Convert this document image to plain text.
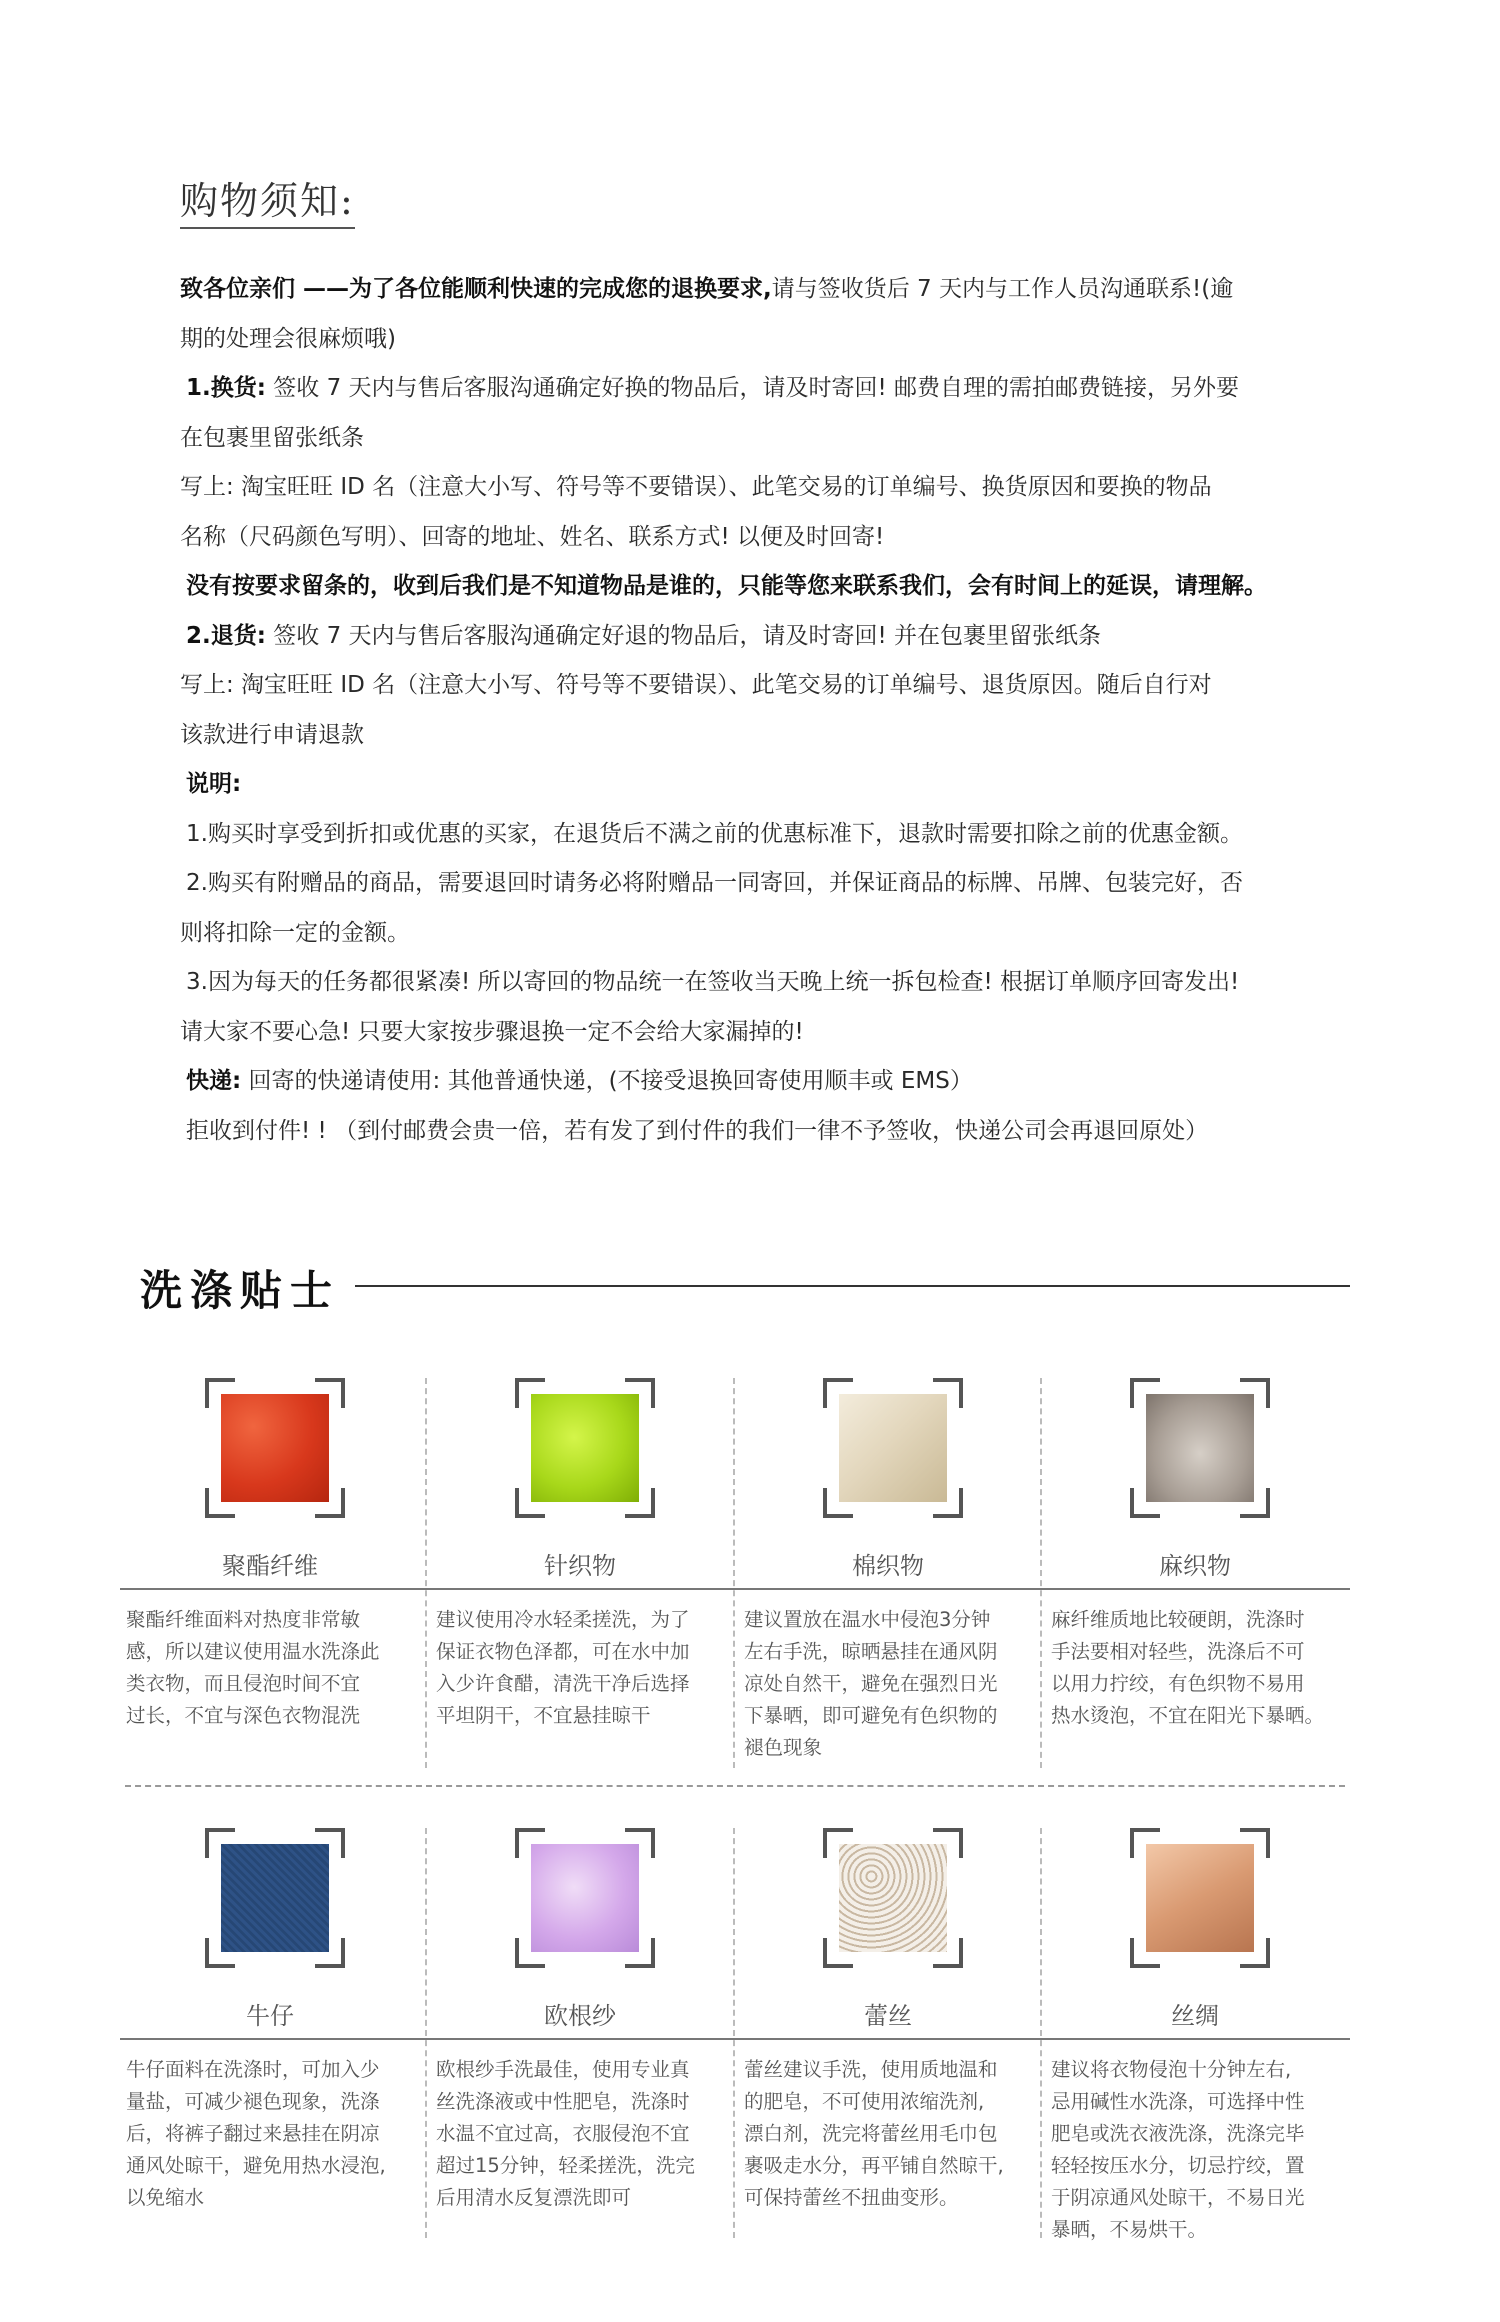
购物须知:
致各位亲们 ——为了各位能顺利快速的完成您的退换要求,请与签收货后 7 天内与工作人员沟通联系!(逾
期的处理会很麻烦哦)
1.换货: 签收 7 天内与售后客服沟通确定好换的物品后，请及时寄回! 邮费自理的需拍邮费链接，另外要
在包裹里留张纸条
写上: 淘宝旺旺 ID 名（注意大小写、符号等不要错误）、此笔交易的订单编号、换货原因和要换的物品
名称（尺码颜色写明）、回寄的地址、姓名、联系方式! 以便及时回寄!
没有按要求留条的，收到后我们是不知道物品是谁的，只能等您来联系我们，会有时间上的延误，请理解。
2.退货: 签收 7 天内与售后客服沟通确定好退的物品后，请及时寄回! 并在包裹里留张纸条
写上: 淘宝旺旺 ID 名（注意大小写、符号等不要错误）、此笔交易的订单编号、退货原因。随后自行对
该款进行申请退款
说明:
1.购买时享受到折扣或优惠的买家，在退货后不满之前的优惠标准下，退款时需要扣除之前的优惠金额。
2.购买有附赠品的商品，需要退回时请务必将附赠品一同寄回，并保证商品的标牌、吊牌、包装完好，否
则将扣除一定的金额。
3.因为每天的任务都很紧凑! 所以寄回的物品统一在签收当天晚上统一拆包检查! 根据订单顺序回寄发出!
请大家不要心急! 只要大家按步骤退换一定不会给大家漏掉的!
快递: 回寄的快递请使用: 其他普通快递，(不接受退换回寄使用顺丰或 EMS）
拒收到付件! ! （到付邮费会贵一倍，若有发了到付件的我们一律不予签收，快递公司会再退回原处）
洗涤贴士
聚酯纤维
聚酯纤维面料对热度非常敏
感，所以建议使用温水洗涤此
类衣物，而且侵泡时间不宜
过长，不宜与深色衣物混洗
针织物
建议使用冷水轻柔搓洗，为了
保证衣物色泽都，可在水中加
入少许食醋，清洗干净后选择
平坦阴干，不宜悬挂晾干
棉织物
建议置放在温水中侵泡3分钟
左右手洗，晾晒悬挂在通风阴
凉处自然干，避免在强烈日光
下暴晒，即可避免有色织物的
褪色现象
麻织物
麻纤维质地比较硬朗，洗涤时
手法要相对轻些，洗涤后不可
以用力拧绞，有色织物不易用
热水烫泡，不宜在阳光下暴晒。
牛仔
牛仔面料在洗涤时，可加入少
量盐，可减少褪色现象，洗涤
后，将裤子翻过来悬挂在阴凉
通风处晾干，避免用热水浸泡,
以免缩水
欧根纱
欧根纱手洗最佳，使用专业真
丝洗涤液或中性肥皂，洗涤时
水温不宜过高，衣服侵泡不宜
超过15分钟，轻柔搓洗，洗完
后用清水反复漂洗即可
蕾丝
蕾丝建议手洗，使用质地温和
的肥皂，不可使用浓缩洗剂,
漂白剂，洗完将蕾丝用毛巾包
裹吸走水分，再平铺自然晾干,
可保持蕾丝不扭曲变形。
丝绸
建议将衣物侵泡十分钟左右,
忌用碱性水洗涤，可选择中性
肥皂或洗衣液洗涤，洗涤完毕
轻轻按压水分，切忌拧绞，置
于阴凉通风处晾干，不易日光
暴晒，不易烘干。
